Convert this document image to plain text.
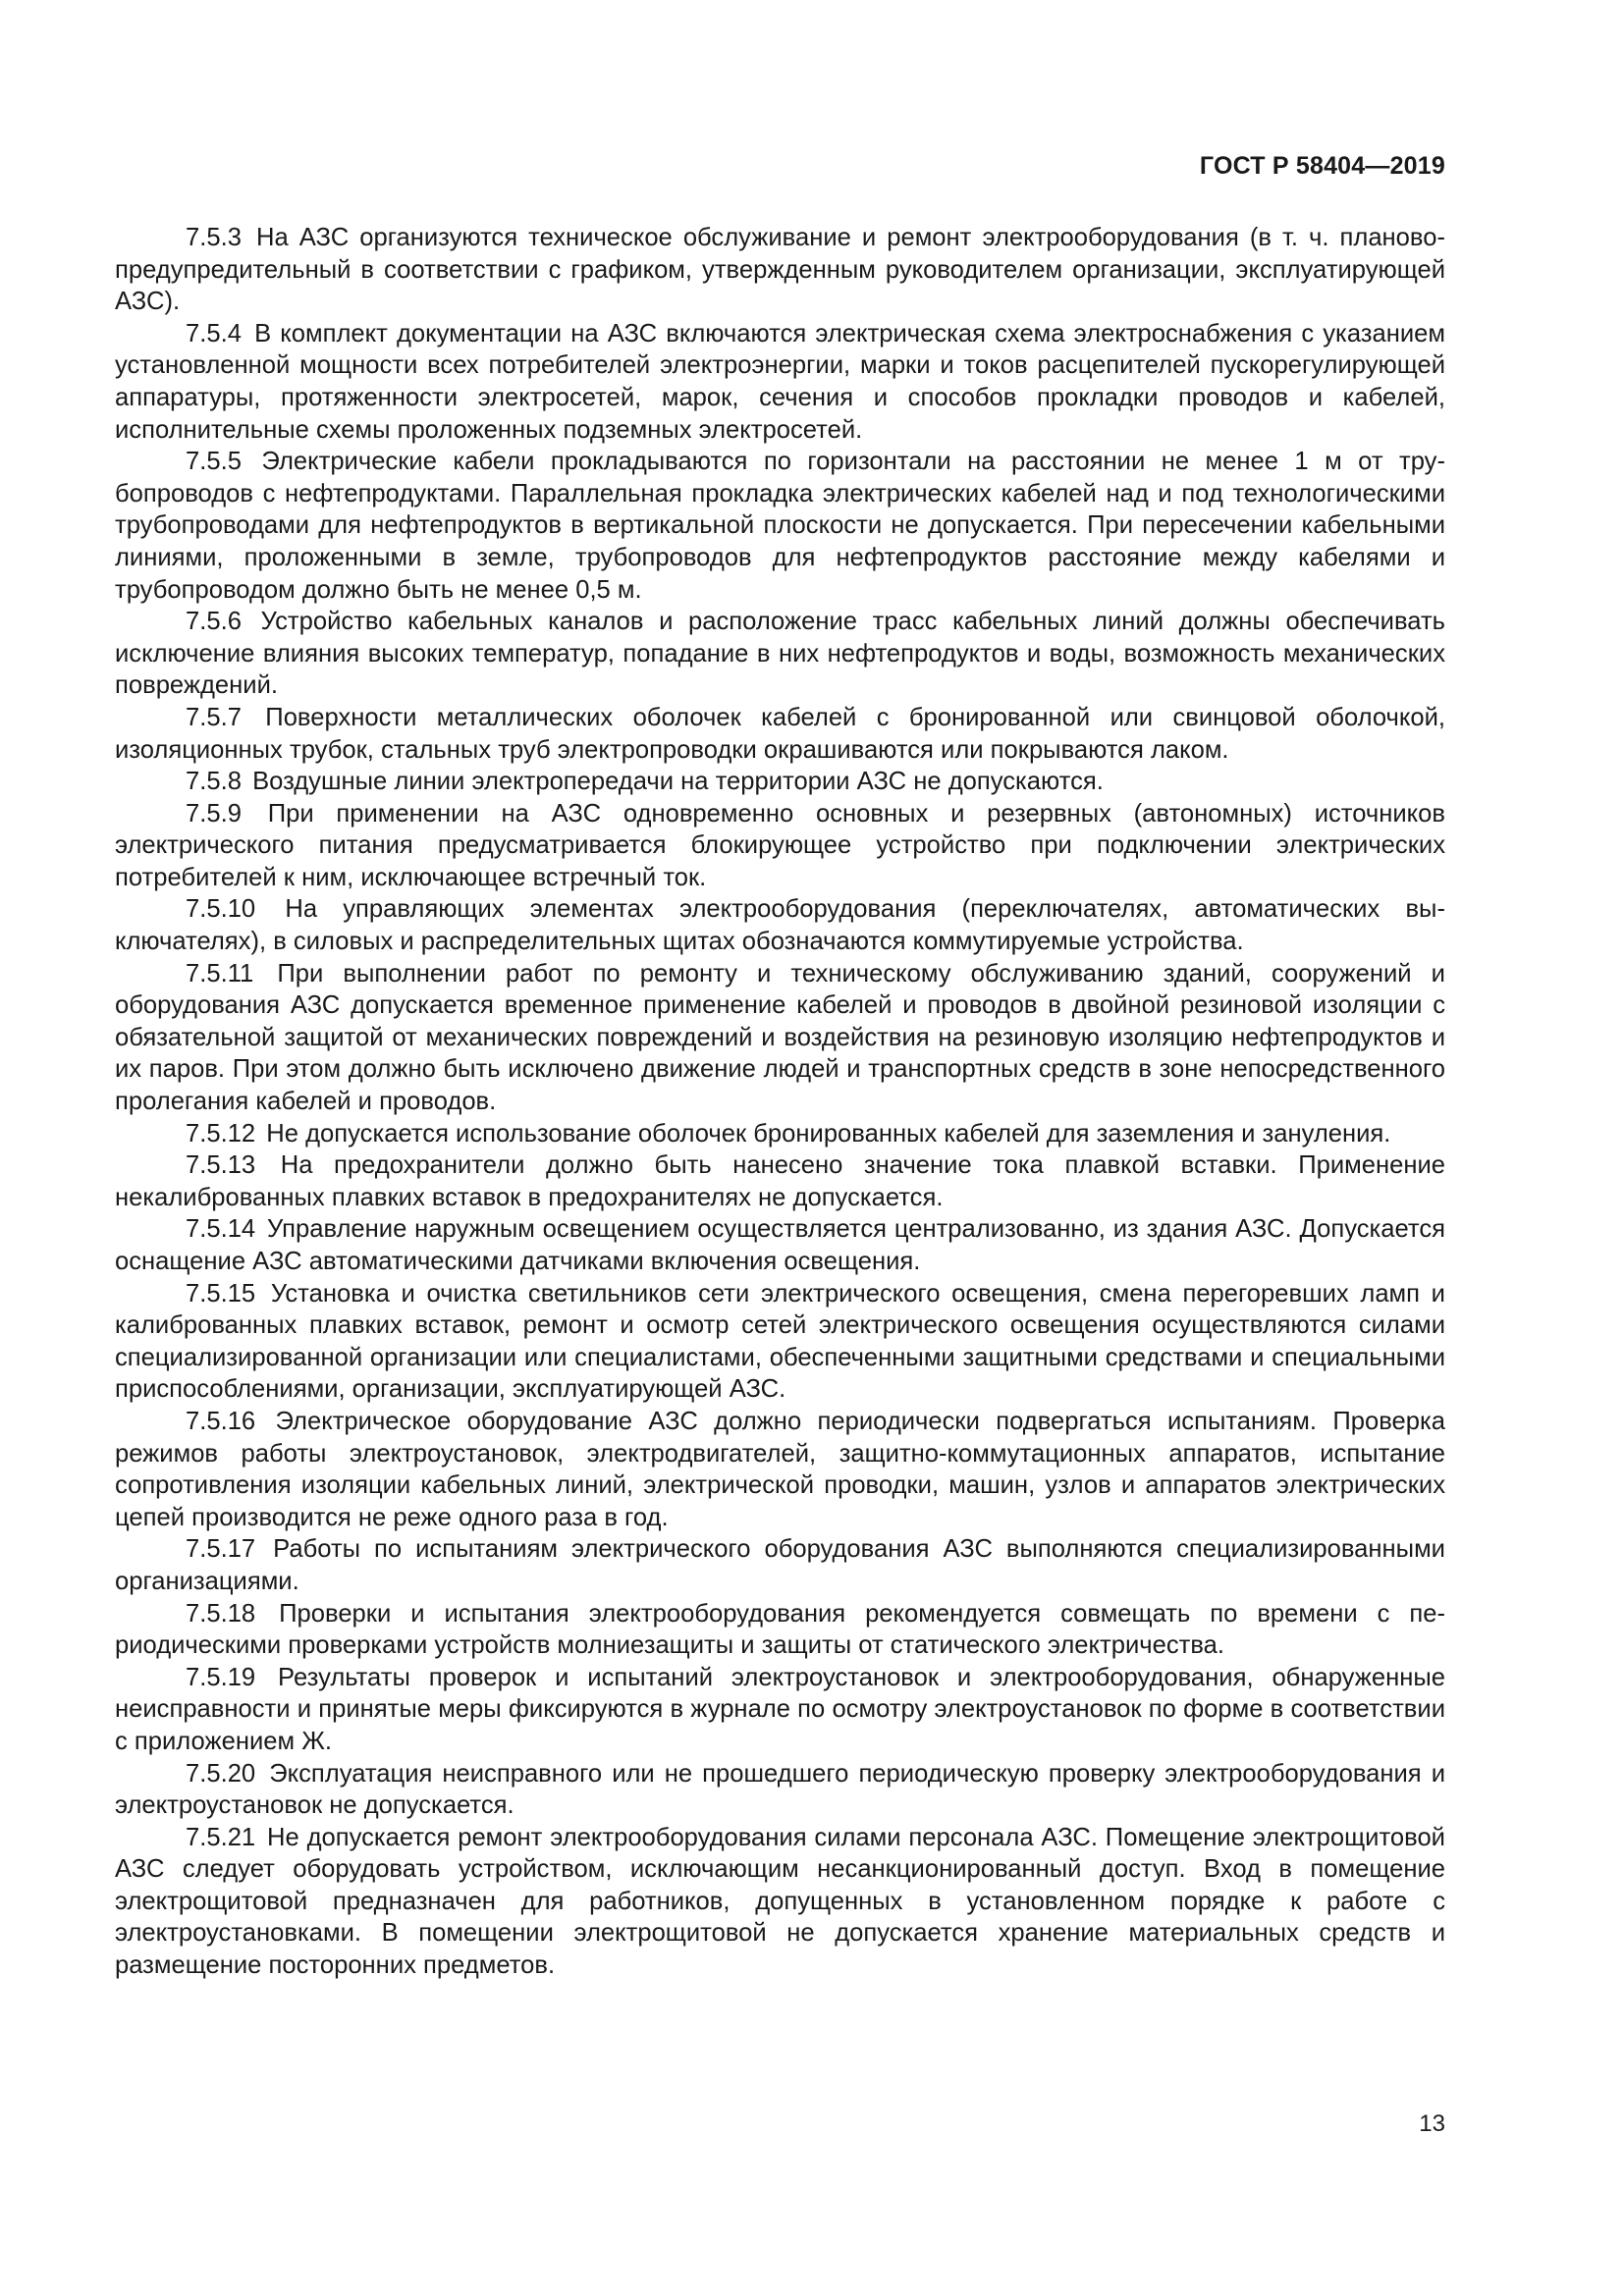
ГОСТ Р 58404—2019

7.5.3 На АЗС организуются техническое обслуживание и ремонт электрооборудования (в т. ч. планово-предупредительный в соответствии с графиком, утвержденным руководителем организации, эксплуатирующей АЗС).

7.5.4 В комплект документации на АЗС включаются электрическая схема электроснабжения с указанием установленной мощности всех потребителей электроэнергии, марки и токов расцепителей пускорегулирующей аппаратуры, протяженности электросетей, марок, сечения и способов прокладки проводов и кабелей, исполнительные схемы проложенных подземных электросетей.

7.5.5 Электрические кабели прокладываются по горизонтали на расстоянии не менее 1 м от трубопроводов с нефтепродуктами. Параллельная прокладка электрических кабелей над и под технологическими трубопроводами для нефтепродуктов в вертикальной плоскости не допускается. При пересечении кабельными линиями, проложенными в земле, трубопроводов для нефтепродуктов расстояние между кабелями и трубопроводом должно быть не менее 0,5 м.

7.5.6 Устройство кабельных каналов и расположение трасс кабельных линий должны обеспечивать исключение влияния высоких температур, попадание в них нефтепродуктов и воды, возможность механических повреждений.

7.5.7 Поверхности металлических оболочек кабелей с бронированной или свинцовой оболочкой, изоляционных трубок, стальных труб электропроводки окрашиваются или покрываются лаком.

7.5.8 Воздушные линии электропередачи на территории АЗС не допускаются.

7.5.9 При применении на АЗС одновременно основных и резервных (автономных) источников электрического питания предусматривается блокирующее устройство при подключении электрических потребителей к ним, исключающее встречный ток.

7.5.10 На управляющих элементах электрооборудования (переключателях, автоматических выключателях), в силовых и распределительных щитах обозначаются коммутируемые устройства.

7.5.11 При выполнении работ по ремонту и техническому обслуживанию зданий, сооружений и оборудования АЗС допускается временное применение кабелей и проводов в двойной резиновой изоляции с обязательной защитой от механических повреждений и воздействия на резиновую изоляцию нефтепродуктов и их паров. При этом должно быть исключено движение людей и транспортных средств в зоне непосредственного пролегания кабелей и проводов.

7.5.12 Не допускается использование оболочек бронированных кабелей для заземления и зануления.

7.5.13 На предохранители должно быть нанесено значение тока плавкой вставки. Применение некалиброванных плавких вставок в предохранителях не допускается.

7.5.14 Управление наружным освещением осуществляется централизованно, из здания АЗС. Допускается оснащение АЗС автоматическими датчиками включения освещения.

7.5.15 Установка и очистка светильников сети электрического освещения, смена перегоревших ламп и калиброванных плавких вставок, ремонт и осмотр сетей электрического освещения осуществляются силами специализированной организации или специалистами, обеспеченными защитными средствами и специальными приспособлениями, организации, эксплуатирующей АЗС.

7.5.16 Электрическое оборудование АЗС должно периодически подвергаться испытаниям. Проверка режимов работы электроустановок, электродвигателей, защитно-коммутационных аппаратов, испытание сопротивления изоляции кабельных линий, электрической проводки, машин, узлов и аппаратов электрических цепей производится не реже одного раза в год.

7.5.17 Работы по испытаниям электрического оборудования АЗС выполняются специализированными организациями.

7.5.18 Проверки и испытания электрооборудования рекомендуется совмещать по времени с периодическими проверками устройств молниезащиты и защиты от статического электричества.

7.5.19 Результаты проверок и испытаний электроустановок и электрооборудования, обнаруженные неисправности и принятые меры фиксируются в журнале по осмотру электроустановок по форме в соответствии с приложением Ж.

7.5.20 Эксплуатация неисправного или не прошедшего периодическую проверку электрооборудования и электроустановок не допускается.

7.5.21 Не допускается ремонт электрооборудования силами персонала АЗС. Помещение электрощитовой АЗС следует оборудовать устройством, исключающим несанкционированный доступ. Вход в помещение электрощитовой предназначен для работников, допущенных в установленном порядке к работе с электроустановками. В помещении электрощитовой не допускается хранение материальных средств и размещение посторонних предметов.

13
